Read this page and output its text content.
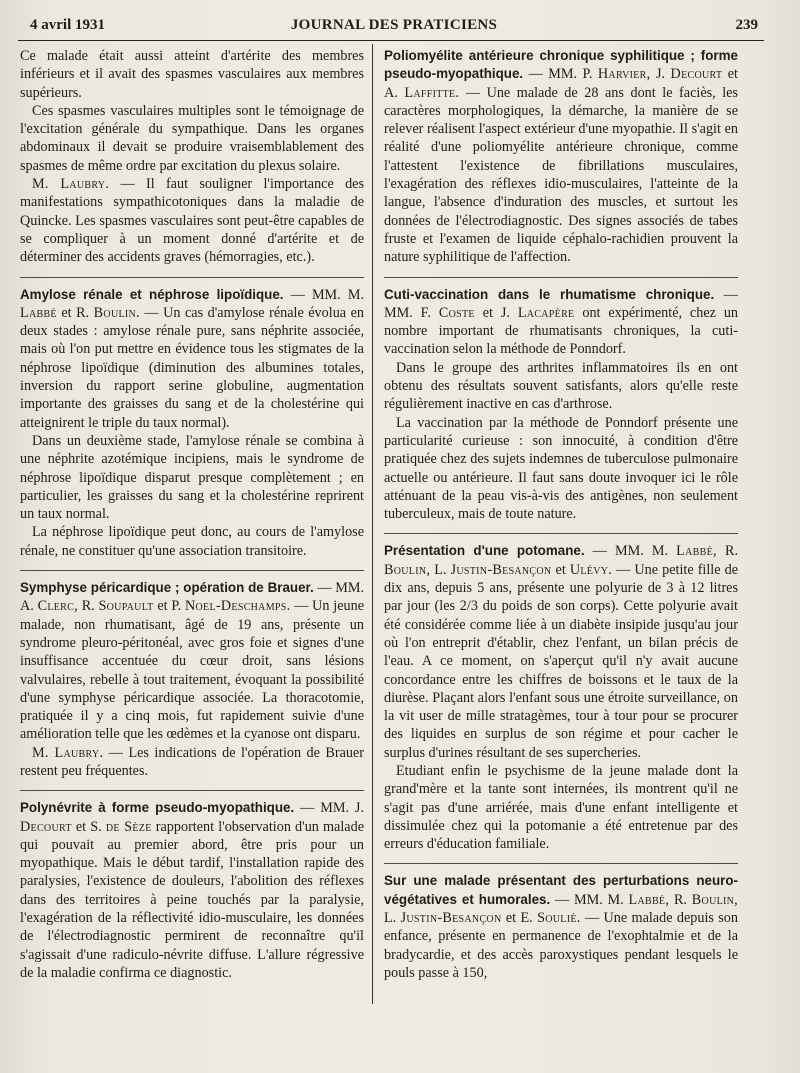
4 avril 1931	JOURNAL DES PRATICIENS	239

Ce malade était aussi atteint d'artérite des membres inférieurs et il avait des spasmes vasculaires aux membres supérieurs.

Ces spasmes vasculaires multiples sont le témoignage de l'excitation générale du sympathique. Dans les organes abdominaux il devait se produire vraisemblablement des spasmes de même ordre par excitation du plexus solaire.

M. Laubry. — Il faut souligner l'importance des manifestations sympathicotoniques dans la maladie de Quincke. Les spasmes vasculaires sont peut-être capables de se compliquer à un moment donné d'artérite et de déterminer des accidents graves (hémorragies, etc.).

Amylose rénale et néphrose lipoïdique. — MM. M. Labbé et R. Boulin. — Un cas d'amylose rénale évolua en deux stades : amylose rénale pure, sans néphrite associée, mais où l'on put mettre en évidence tous les stigmates de la néphrose lipoïdique (diminution des albumines totales, inversion du rapport serine globuline, augmentation importante des graisses du sang et de la cholestérine qui atteignirent le triple du taux normal).

Dans un deuxième stade, l'amylose rénale se combina à une néphrite azotémique incipiens, mais le syndrome de néphrose lipoïdique disparut presque complètement ; en particulier, les graisses du sang et la cholestérine reprirent un taux normal.

La néphrose lipoïdique peut donc, au cours de l'amylose rénale, ne constituer qu'une association transitoire.

Symphyse péricardique ; opération de Brauer. — MM. A. Clerc, R. Soupault et P. Noel-Deschamps. — Un jeune malade, non rhumatisant, âgé de 19 ans, présente un syndrome pleuro-péritonéal, avec gros foie et signes d'une insuffisance accentuée du cœur droit, sans lésions valvulaires, rebelle à tout traitement, évoquant la possibilité d'une symphyse péricardique associée. La thoracotomie, pratiquée il y a cinq mois, fut rapidement suivie d'une amélioration telle que les œdèmes et la cyanose ont disparu.

M. Laubry. — Les indications de l'opération de Brauer restent peu fréquentes.

Polynévrite à forme pseudo-myopathique. — MM. J. Decourt et S. de Sèze rapportent l'observation d'un malade qui pouvait au premier abord, être pris pour un myopathique. Mais le début tardif, l'installation rapide des paralysies, l'existence de douleurs, l'abolition des réflexes dans des territoires à peine touchés par la paralysie, l'exagération de la réflectivité idio-musculaire, les données de l'électrodiagnostic permirent de reconnaître qu'il s'agissait d'une radiculo-névrite diffuse. L'allure régressive de la maladie confirma ce diagnostic.

Poliomyélite antérieure chronique syphilitique ; forme pseudo-myopathique. — MM. P. Harvier, J. Decourt et A. Laffitte. — Une malade de 28 ans dont le faciès, les caractères morphologiques, la démarche, la manière de se relever réalisent l'aspect extérieur d'une myopathie. Il s'agit en réalité d'une poliomyélite antérieure chronique, comme l'attestent l'existence de fibrillations musculaires, l'exagération des réflexes idio-musculaires, l'atteinte de la langue, l'absence d'induration des muscles, et surtout les données de l'électrodiagnostic. Des signes associés de tabes fruste et l'examen de liquide céphalo-rachidien prouvent la nature syphilitique de l'affection.

Cuti-vaccination dans le rhumatisme chronique. — MM. F. Coste et J. Lacapère ont expérimenté, chez un nombre important de rhumatisants chroniques, la cuti-vaccination selon la méthode de Ponndorf.

Dans le groupe des arthrites inflammatoires ils en ont obtenu des résultats souvent satisfants, alors qu'elle reste régulièrement inactive en cas d'arthrose.

La vaccination par la méthode de Ponndorf présente une particularité curieuse : son innocuité, à condition d'être pratiquée chez des sujets indemnes de tuberculose pulmonaire actuelle ou antérieure. Il faut sans doute invoquer ici le rôle atténuant de la peau vis-à-vis des antigènes, non seulement tuberculeux, mais de toute nature.

Présentation d'une potomane. — MM. M. Labbé, R. Boulin, L. Justin-Besançon et Ulévy. — Une petite fille de dix ans, depuis 5 ans, présente une polyurie de 3 à 12 litres par jour (les 2/3 du poids de son corps). Cette polyurie avait été considérée comme liée à un diabète insipide jusqu'au jour où l'on entreprit d'établir, chez l'enfant, un bilan précis de l'eau. A ce moment, on s'aperçut qu'il n'y avait aucune concordance entre les chiffres de boissons et le taux de la diurèse. Plaçant alors l'enfant sous une étroite surveillance, on la vit user de mille stratagèmes, tour à tour pour se procurer des liquides en surplus de son régime et pour cacher le surplus d'urines résultant de ses supercheries.

Etudiant enfin le psychisme de la jeune malade dont la grand'mère et la tante sont internées, ils montrent qu'il ne s'agit pas d'une arriérée, mais d'une enfant intelligente et dissimulée chez qui la potomanie a été entretenue par des erreurs d'éducation familiale.

Sur une malade présentant des perturbations neuro-végétatives et humorales. — MM. M. Labbé, R. Boulin, L. Justin-Besançon et E. Soulié. — Une malade depuis son enfance, présente en permanence de l'exophtalmie et de la bradycardie, et des accès paroxystiques pendant lesquels le pouls passe à 150,
